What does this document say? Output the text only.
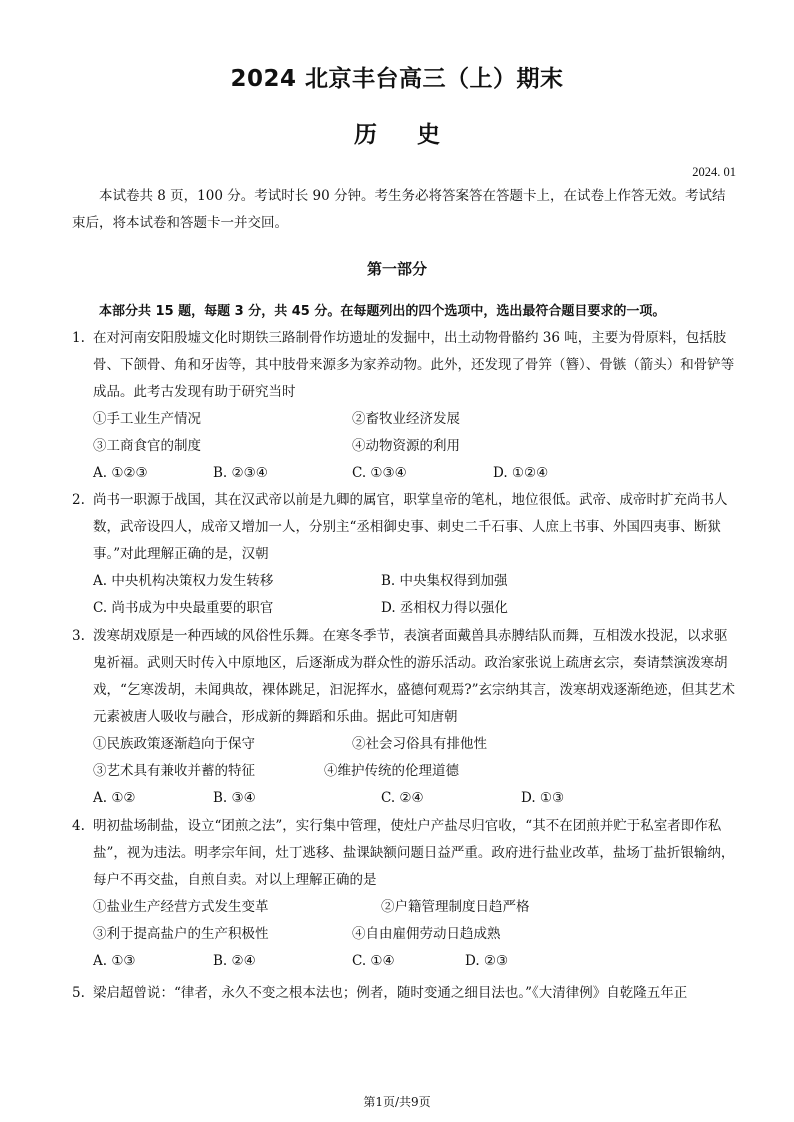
2024 北京丰台高三（上）期末
历史
2024. 01
本试卷共 8 页，100 分。考试时长 90 分钟。考生务必将答案答在答题卡上，在试卷上作答无效。考试结束后，将本试卷和答题卡一并交回。
第一部分
本部分共 15 题，每题 3 分，共 45 分。在每题列出的四个选项中，选出最符合题目要求的一项。
1. 在对河南安阳殷墟文化时期铁三路制骨作坊遗址的发掘中，出土动物骨骼约 36 吨，主要为骨原料，包括肢骨、下颌骨、角和牙齿等，其中肢骨来源多为家养动物。此外，还发现了骨笄（簪）、骨镞（箭头）和骨铲等成品。此考古发现有助于研究当时
①手工业生产情况	②畜牧业经济发展
③工商食官的制度	④动物资源的利用
A. ①②③	B. ②③④	C. ①③④	D. ①②④
2. 尚书一职源于战国，其在汉武帝以前是九卿的属官，职掌皇帝的笔札，地位很低。武帝、成帝时扩充尚书人数，武帝设四人，成帝又增加一人，分别主“丞相御史事、刺史二千石事、人庶上书事、外国四夷事、断狱事。”对此理解正确的是，汉朝
A. 中央机构决策权力发生转移	B. 中央集权得到加强
C. 尚书成为中央最重要的职官	D. 丞相权力得以强化
3. 泼寒胡戏原是一种西域的风俗性乐舞。在寒冬季节，表演者面戴兽具赤膊结队而舞，互相泼水投泥，以求驱鬼祈福。武则天时传入中原地区，后逐渐成为群众性的游乐活动。政治家张说上疏唐玄宗，奏请禁演泼寒胡戏，“乞寒泼胡，未闻典故，裸体跳足，汩泥挥水，盛德何观焉?”玄宗纳其言，泼寒胡戏逐渐绝迹，但其艺术元素被唐人吸收与融合，形成新的舞蹈和乐曲。据此可知唐朝
①民族政策逐渐趋向于保守	②社会习俗具有排他性
③艺术具有兼收并蓄的特征	④维护传统的伦理道德
A. ①②	B. ③④	C. ②④	D. ①③
4. 明初盐场制盐，设立“团煎之法”，实行集中管理，使灶户产盐尽归官收，“其不在团煎并贮于私室者即作私盐”，视为违法。明孝宗年间，灶丁逃移、盐课缺额问题日益严重。政府进行盐业改革，盐场丁盐折银输纳，每户不再交盐，自煎自卖。对以上理解正确的是
①盐业生产经营方式发生变革	②户籍管理制度日趋严格
③利于提高盐户的生产积极性	④自由雇佣劳动日趋成熟
A. ①③	B. ②④	C. ①④	D. ②③
5. 梁启超曾说：“律者，永久不变之根本法也；例者，随时变通之细目法也。”《大清律例》自乾隆五年正
第1页/共9页
